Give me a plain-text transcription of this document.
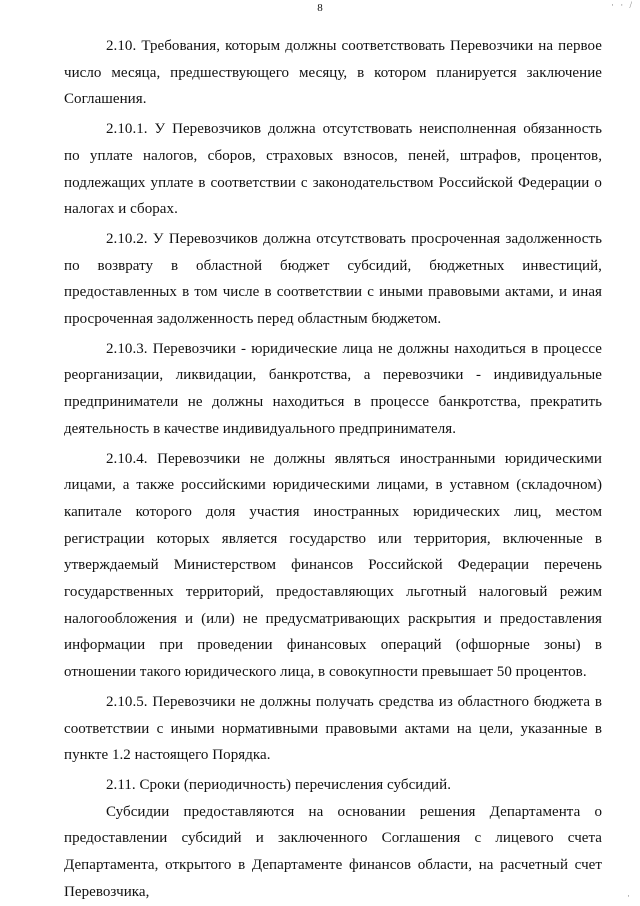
· · /
8

2.10. Требования, которым должны соответствовать Перевозчики на первое число месяца, предшествующего месяцу, в котором планируется заключение Соглашения.

2.10.1. У Перевозчиков должна отсутствовать неисполненная обязанность по уплате налогов, сборов, страховых взносов, пеней, штрафов, процентов, подлежащих уплате в соответствии с законодательством Российской Федерации о налогах и сборах.

2.10.2. У Перевозчиков должна отсутствовать просроченная задолженность по возврату в областной бюджет субсидий, бюджетных инвестиций, предоставленных в том числе в соответствии с иными правовыми актами, и иная просроченная задолженность перед областным бюджетом.

2.10.3. Перевозчики - юридические лица не должны находиться в процессе реорганизации, ликвидации, банкротства, а перевозчики - индивидуальные предприниматели не должны находиться в процессе банкротства, прекратить деятельность в качестве индивидуального предпринимателя.

2.10.4. Перевозчики не должны являться иностранными юридическими лицами, а также российскими юридическими лицами, в уставном (складочном) капитале которого доля участия иностранных юридических лиц, местом регистрации которых является государство или территория, включенные в утверждаемый Министерством финансов Российской Федерации перечень государственных территорий, предоставляющих льготный налоговый режим налогообложения и (или) не предусматривающих раскрытия и предоставления информации при проведении финансовых операций (офшорные зоны) в отношении такого юридического лица, в совокупности превышает 50 процентов.

2.10.5. Перевозчики не должны получать средства из областного бюджета в соответствии с иными нормативными правовыми актами на цели, указанные в пункте 1.2 настоящего Порядка.

2.11. Сроки (периодичность) перечисления субсидий.

Субсидии предоставляются на основании решения Департамента о предоставлении субсидий и заключенного Соглашения с лицевого счета Департамента, открытого в Департаменте финансов области, на расчетный счет Перевозчика,	·
